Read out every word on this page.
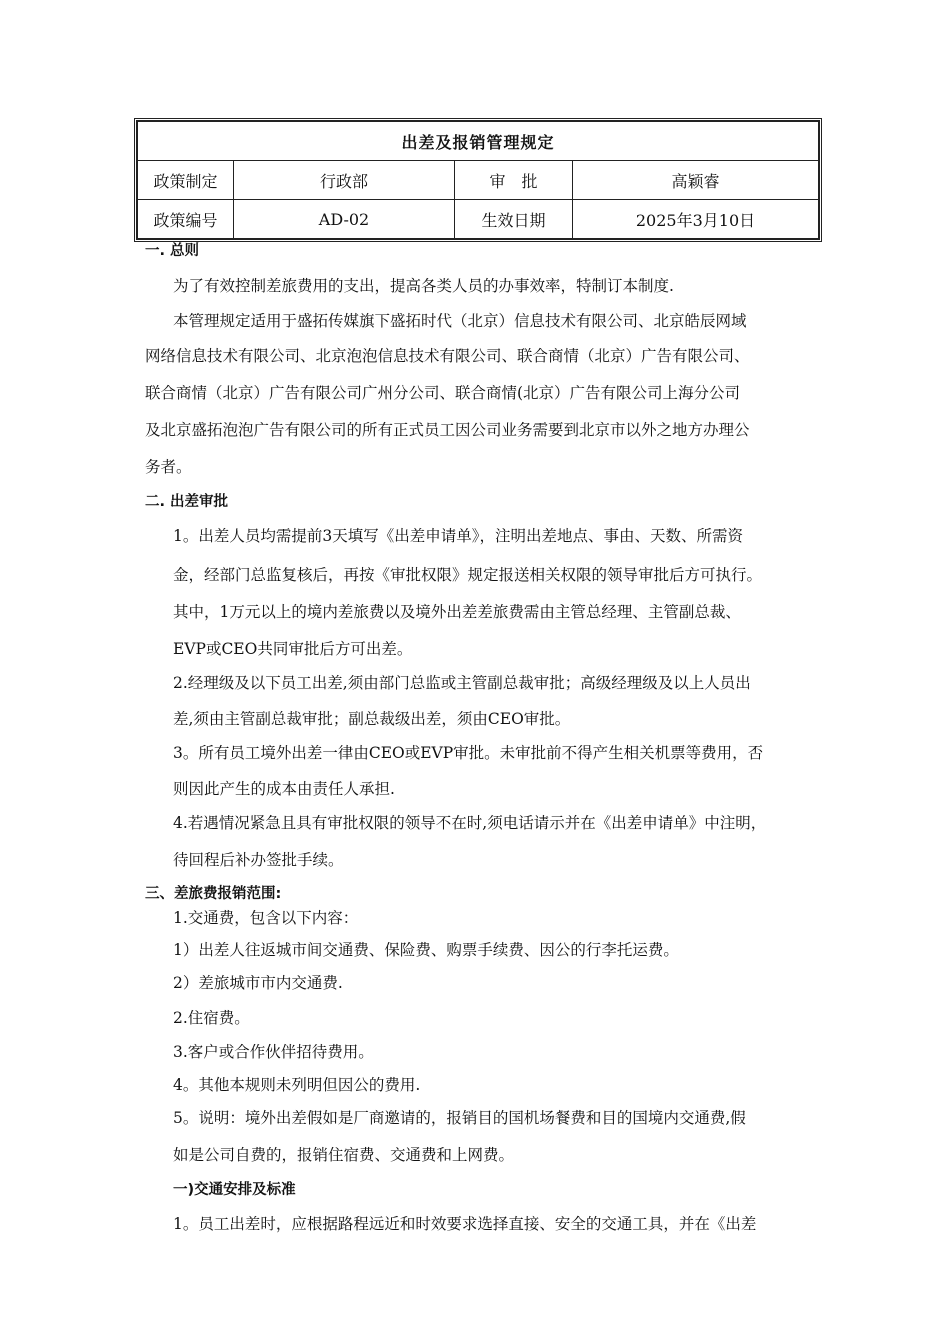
出差及报销管理规定			
政策制定	行政部	审　批	高颖睿
政策编号	AD-02	生效日期	2025年3月10日
一. 总则
为了有效控制差旅费用的支出，提高各类人员的办事效率，特制订本制度.
本管理规定适用于盛拓传媒旗下盛拓时代（北京）信息技术有限公司、北京皓辰网域
网络信息技术有限公司、北京泡泡信息技术有限公司、联合商情（北京）广告有限公司、
联合商情（北京）广告有限公司广州分公司、联合商情(北京）广告有限公司上海分公司
及北京盛拓泡泡广告有限公司的所有正式员工因公司业务需要到北京市以外之地方办理公
务者。
二. 出差审批
1。出差人员均需提前3天填写《出差申请单》，注明出差地点、事由、天数、所需资
金，经部门总监复核后，再按《审批权限》规定报送相关权限的领导审批后方可执行。
其中，1万元以上的境内差旅费以及境外出差差旅费需由主管总经理、主管副总裁、
EVP或CEO共同审批后方可出差。
2.经理级及以下员工出差,须由部门总监或主管副总裁审批；高级经理级及以上人员出
差,须由主管副总裁审批；副总裁级出差，须由CEO审批。
3。所有员工境外出差一律由CEO或EVP审批。未审批前不得产生相关机票等费用，否
则因此产生的成本由责任人承担.
4.若遇情况紧急且具有审批权限的领导不在时,须电话请示并在《出差申请单》中注明，
待回程后补办签批手续。
三、差旅费报销范围:
1.交通费，包含以下内容：
1）出差人往返城市间交通费、保险费、购票手续费、因公的行李托运费。
2）差旅城市市内交通费.
2.住宿费。
3.客户或合作伙伴招待费用。
4。其他本规则未列明但因公的费用.
5。说明：境外出差假如是厂商邀请的，报销目的国机场餐费和目的国境内交通费,假
如是公司自费的，报销住宿费、交通费和上网费。
一)交通安排及标准
1。员工出差时，应根据路程远近和时效要求选择直接、安全的交通工具，并在《出差
